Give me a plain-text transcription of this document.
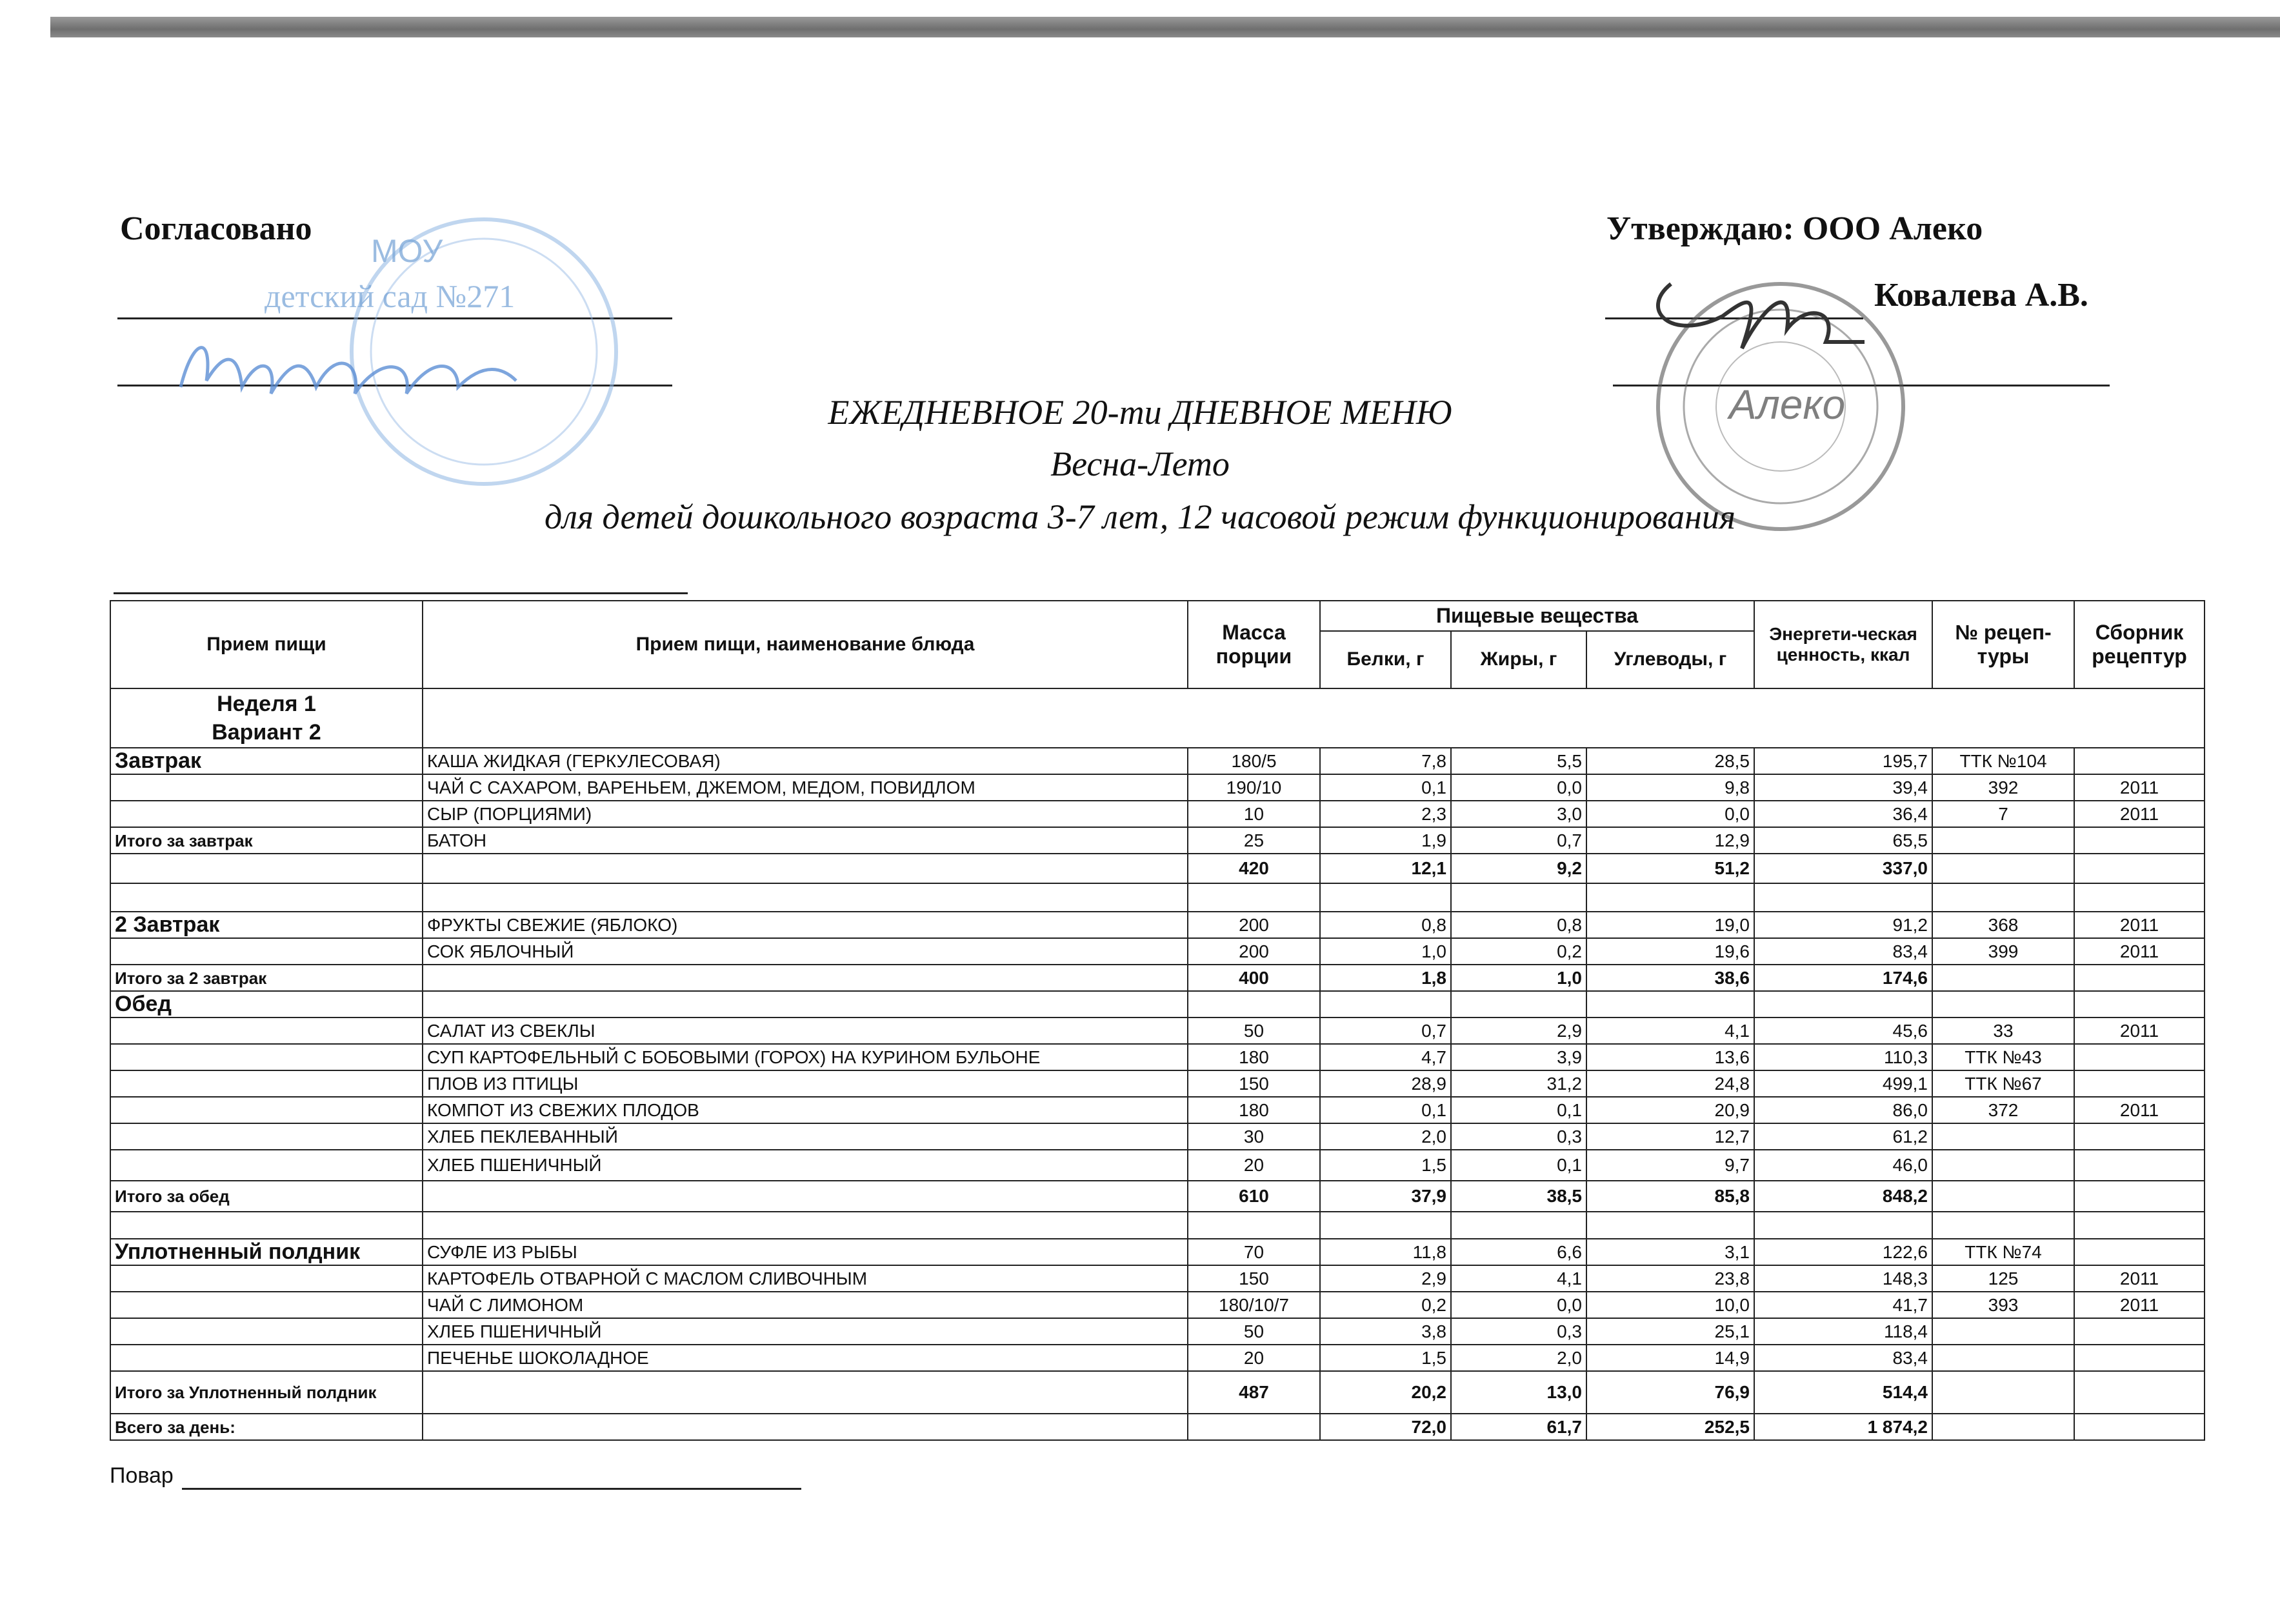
Согласовано
МОУ
детский сад №271
Утверждаю: ООО Алеко
Ковалева А.В.
Алеко
ЕЖЕДНЕВНОЕ 20-ти ДНЕВНОЕ МЕНЮ
Весна-Лето
для детей дошкольного возраста 3-7 лет, 12 часовой режим функционирования
Прием пищи	Прием пищи, наименование блюда	Масса порции	Пищевые вещества			Энергети-ческая ценность, ккал	№ рецеп-туры	Сборник рецептур
			Белки, г	Жиры, г	Углеводы, г			

Неделя 1
Вариант 2								

Завтрак	КАША ЖИДКАЯ (ГЕРКУЛЕСОВАЯ)	180/5	7,8	5,5	28,5	195,7	ТТК №104	
	ЧАЙ С САХАРОМ, ВАРЕНЬЕМ, ДЖЕМОМ, МЕДОМ, ПОВИДЛОМ	190/10	0,1	0,0	9,8	39,4	392	2011
	СЫР (ПОРЦИЯМИ)	10	2,3	3,0	0,0	36,4	7	2011
Итого за завтрак	БАТОН	25	1,9	0,7	12,9	65,5		
		420	12,1	9,2	51,2	337,0		

2 Завтрак	ФРУКТЫ СВЕЖИЕ (ЯБЛОКО)	200	0,8	0,8	19,0	91,2	368	2011
	СОК ЯБЛОЧНЫЙ	200	1,0	0,2	19,6	83,4	399	2011
Итого за 2 завтрак		400	1,8	1,0	38,6	174,6		
Обед								
	САЛАТ ИЗ СВЕКЛЫ	50	0,7	2,9	4,1	45,6	33	2011
	СУП КАРТОФЕЛЬНЫЙ С БОБОВЫМИ (ГОРОХ) НА КУРИНОМ БУЛЬОНЕ	180	4,7	3,9	13,6	110,3	ТТК №43	
	ПЛОВ ИЗ ПТИЦЫ	150	28,9	31,2	24,8	499,1	ТТК №67	
	КОМПОТ ИЗ СВЕЖИХ ПЛОДОВ	180	0,1	0,1	20,9	86,0	372	2011
	ХЛЕБ ПЕКЛЕВАННЫЙ	30	2,0	0,3	12,7	61,2		
	ХЛЕБ ПШЕНИЧНЫЙ	20	1,5	0,1	9,7	46,0		
Итого за обед		610	37,9	38,5	85,8	848,2		

Уплотненный полдник	СУФЛЕ ИЗ РЫБЫ	70	11,8	6,6	3,1	122,6	ТТК №74	
	КАРТОФЕЛЬ ОТВАРНОЙ С МАСЛОМ СЛИВОЧНЫМ	150	2,9	4,1	23,8	148,3	125	2011
	ЧАЙ С ЛИМОНОМ	180/10/7	0,2	0,0	10,0	41,7	393	2011
	ХЛЕБ ПШЕНИЧНЫЙ	50	3,8	0,3	25,1	118,4		
	ПЕЧЕНЬЕ ШОКОЛАДНОЕ	20	1,5	2,0	14,9	83,4		
Итого за Уплотненный полдник		487	20,2	13,0	76,9	514,4		
Всего за день:			72,0	61,7	252,5	1 874,2		
Повар
